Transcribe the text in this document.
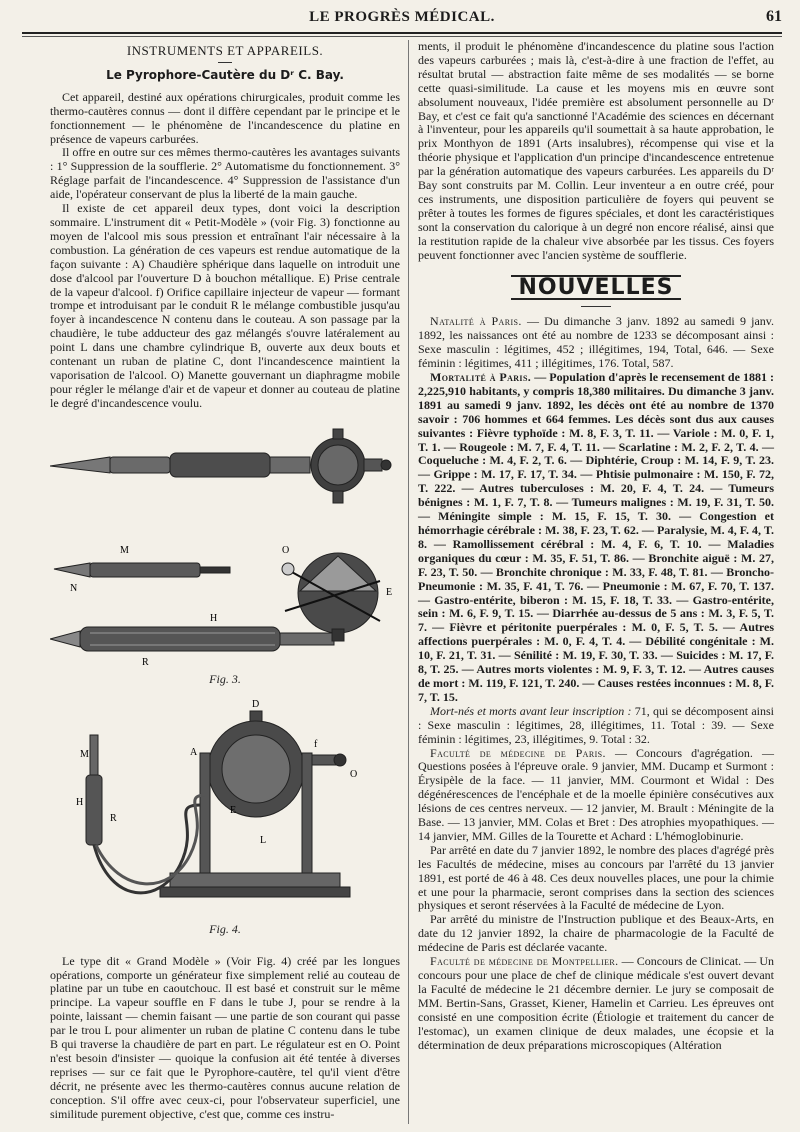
LE PROGRÈS MÉDICAL.	61
INSTRUMENTS ET APPAREILS.
Le Pyrophore-Cautère du Dʳ C. Bay.

Cet appareil, destiné aux opérations chirurgicales, produit comme les thermo-cautères connus — dont il diffère cependant par le principe et le fonctionnement — le phénomène de l'incandescence du platine en présence de vapeurs carburées.

Il offre en outre sur ces mêmes thermo-cautères les avantages suivants : 1° Suppression de la soufflerie. 2° Automatisme du fonctionnement. 3° Réglage parfait de l'incandescence. 4° Suppression de l'assistance d'un aide, l'opérateur conservant de plus la liberté de la main gauche.

Il existe de cet appareil deux types, dont voici la description sommaire. L'instrument dit « Petit-Modèle » (voir Fig. 3) fonctionne au moyen de l'alcool mis sous pression et entraînant l'air nécessaire à la combustion. La génération de ces vapeurs est rendue automatique de la façon suivante : A) Chaudière sphérique dans laquelle on introduit une dose d'alcool par l'ouverture D à bouchon métallique. E) Prise centrale de la vapeur d'alcool. f) Orifice capillaire injecteur de vapeur — formant trompe et introduisant par le conduit R le mélange combustible jusqu'au foyer à incandescence N contenu dans le couteau. A son passage par la chaudière, le tube adducteur des gaz mélangés s'ouvre latéralement au point L dans une chambre cylindrique B, ouverte aux deux bouts et contenant un ruban de platine C, dont l'incandescence maintient la vaporisation de l'alcool. O) Manette gouvernant un diaphragme mobile pour régler le mélange d'air et de vapeur et donner au couteau de platine le degré d'incandescence voulu.

M
N
H
R
O
E
Fig. 3.
D
A
O
f
E
L
M
H
R
Fig. 4.

Le type dit « Grand Modèle » (Voir Fig. 4) créé par les longues opérations, comporte un générateur fixe simplement relié au couteau de platine par un tube en caoutchouc. Il est basé et construit sur le même principe. La vapeur souffle en F dans le tube J, pour se rendre à la pointe, laissant — chemin faisant — une partie de son courant qui passe par le trou L pour alimenter un ruban de platine C contenu dans le tube B qui traverse la chaudière de part en part. Le régulateur est en O. Point n'est besoin d'insister — quoique la confusion ait été tentée à diverses reprises — sur ce fait que le Pyrophore-cautère, tel qu'il vient d'être décrit, ne présente avec les thermo-cautères connus aucune relation de conception. S'il offre avec ceux-ci, pour l'observateur superficiel, une similitude purement objective, c'est que, comme ces instru-

ments, il produit le phénomène d'incandescence du platine sous l'action des vapeurs carburées ; mais là, c'est-à-dire à une fraction de l'effet, au résultat brutal — abstraction faite même de ses modalités — se borne cette quasi-similitude. La cause et les moyens mis en œuvre sont absolument nouveaux, l'idée première est absolument personnelle au Dʳ Bay, et c'est ce fait qu'a sanctionné l'Académie des sciences en décernant à l'inventeur, pour les appareils qu'il soumettait à sa haute approbation, le prix Monthyon de 1891 (Arts insalubres), récompense qui vise et la théorie physique et l'application d'un principe d'incandescence entretenue par la génération automatique des vapeurs carburées. Les appareils du Dʳ Bay sont construits par M. Collin. Leur inventeur a en outre créé, pour ces instruments, une disposition particulière de foyers qui peuvent se prêter à toutes les formes de figures spéciales, et dont les caractéristiques sont la conservation du calorique à un degré non encore réalisé, ainsi que la restitution rapide de la chaleur vive absorbée par les tissus. Ces foyers peuvent fonctionner avec l'ancien système de soufflerie.

NOUVELLES

Natalité à Paris. — Du dimanche 3 janv. 1892 au samedi 9 janv. 1892, les naissances ont été au nombre de 1233 se décomposant ainsi : Sexe masculin : légitimes, 452 ; illégitimes, 194, Total, 646. — Sexe féminin : légitimes, 411 ; illégitimes, 176. Total, 587.

Mortalité à Paris. — Population d'après le recensement de 1881 : 2,225,910 habitants, y compris 18,380 militaires. Du dimanche 3 janv. 1891 au samedi 9 janv. 1892, les décès ont été au nombre de 1370 savoir : 706 hommes et 664 femmes. Les décès sont dus aux causes suivantes : Fièvre typhoïde : M. 8, F. 3, T. 11. — Variole : M. 0, F. 1, T. 1. — Rougeole : M. 7, F. 4, T. 11. — Scarlatine : M. 2, F. 2, T. 4. — Coqueluche : M. 4, F. 2, T. 6. — Diphtérie, Croup : M. 14, F. 9, T. 23. — Grippe : M. 17, F. 17, T. 34. — Phtisie pulmonaire : M. 150, F. 72, T. 222. — Autres tuberculoses : M. 20, F. 4, T. 24. — Tumeurs bénignes : M. 1, F. 7, T. 8. — Tumeurs malignes : M. 19, F. 31, T. 50. — Méningite simple : M. 15, F. 15, T. 30. — Congestion et hémorrhagie cérébrale : M. 38, F. 23, T. 62. — Paralysie, M. 4, F. 4, T. 8. — Ramollissement cérébral : M. 4, F. 6, T. 10. — Maladies organiques du cœur : M. 35, F. 51, T. 86. — Bronchite aiguë : M. 27, F. 23, T. 50. — Bronchite chronique : M. 33, F. 48, T. 81. — Broncho-Pneumonie : M. 35, F. 41, T. 76. — Pneumonie : M. 67, F. 70, T. 137. — Gastro-entérite, biberon : M. 15, F. 18, T. 33. — Gastro-entérite, sein : M. 6, F. 9, T. 15. — Diarrhée au-dessus de 5 ans : M. 3, F. 5, T. 7. — Fièvre et péritonite puerpérales : M. 0, F. 5, T. 5. — Autres affections puerpérales : M. 0, F. 4, T. 4. — Débilité congénitale : M. 10, F. 21, T. 31. — Sénilité : M. 19, F. 30, T. 33. — Suicides : M. 17, F. 8, T. 25. — Autres morts violentes : M. 9, F. 3, T. 12. — Autres causes de mort : M. 119, F. 121, T. 240. — Causes restées inconnues : M. 8, F. 7, T. 15.

Mort-nés et morts avant leur inscription : 71, qui se décomposent ainsi : Sexe masculin : légitimes, 28, illégitimes, 11. Total : 39. — Sexe féminin : légitimes, 23, illégitimes, 9. Total : 32.

Faculté de médecine de Paris. — Concours d'agrégation. — Questions posées à l'épreuve orale. 9 janvier, MM. Ducamp et Surmont : Érysipèle de la face. — 11 janvier, MM. Courmont et Widal : Des dégénérescences de l'encéphale et de la moelle épinière consécutives aux lésions de ces centres nerveux. — 12 janvier, M. Brault : Méningite de la Base. — 13 janvier, MM. Colas et Bret : Des atrophies myopathiques. — 14 janvier, MM. Gilles de la Tourette et Achard : L'hémoglobinurie.

Par arrêté en date du 7 janvier 1892, le nombre des places d'agrégé près les Facultés de médecine, mises au concours par l'arrêté du 13 janvier 1891, est porté de 46 à 48. Ces deux nouvelles places, une pour la chimie et une pour la pharmacie, seront comprises dans la section des sciences physiques et seront réservées à la Faculté de médecine de Lyon.

Par arrêté du ministre de l'Instruction publique et des Beaux-Arts, en date du 12 janvier 1892, la chaire de pharmacologie de la Faculté de médecine de Paris est déclarée vacante.

Faculté de médecine de Montpellier. — Concours de Clinicat. — Un concours pour une place de chef de clinique médicale s'est ouvert devant la Faculté de médecine le 21 décembre dernier. Le jury se composait de MM. Bertin-Sans, Grasset, Kiener, Hamelin et Carrieu. Les épreuves ont consisté en une composition écrite (Étiologie et traitement du cancer de l'estomac), un examen clinique de deux malades, une écopsie et la détermination de deux préparations microscopiques (Altération
